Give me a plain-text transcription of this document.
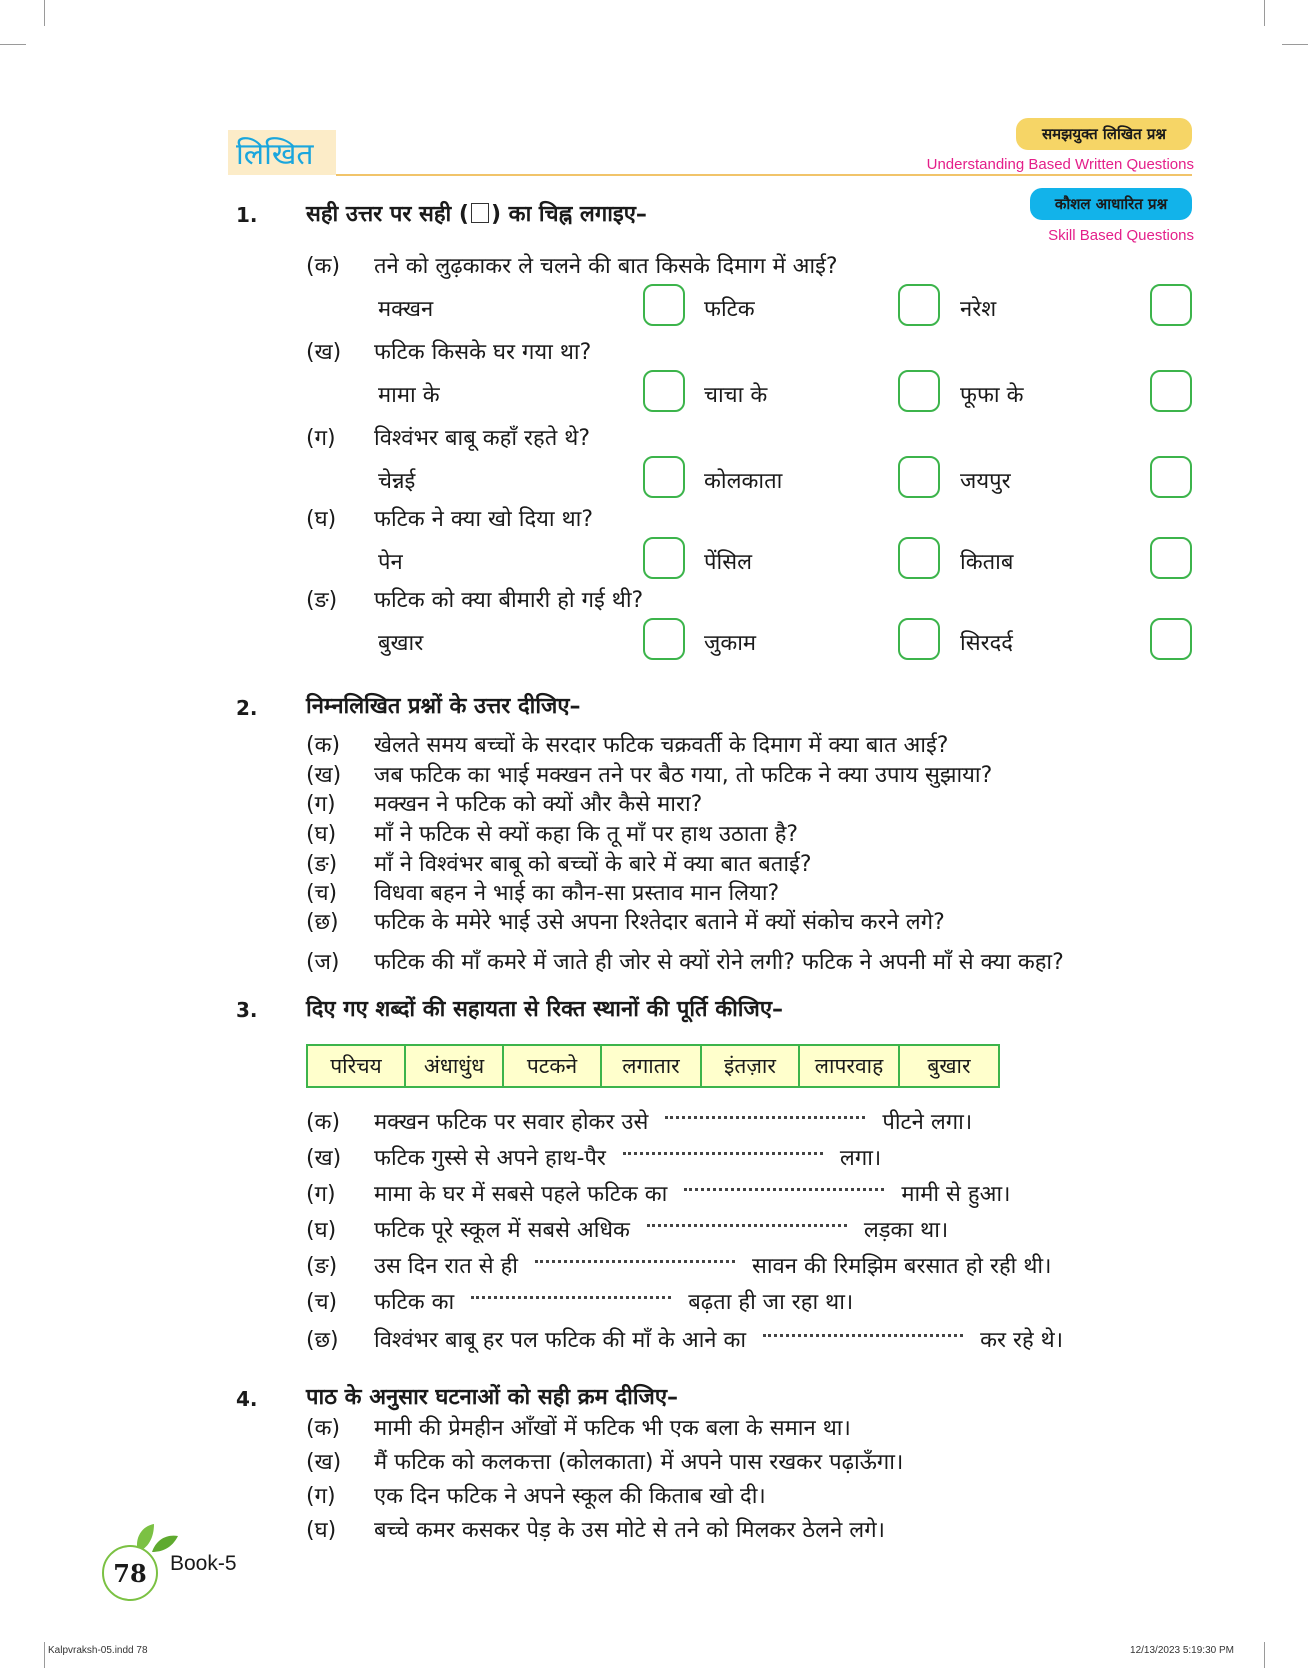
लिखित
समझयुक्त लिखित प्रश्न
Understanding Based Written Questions
कौशल आधारित प्रश्न
Skill Based Questions
1. सही उत्तर पर सही ( ) का चिह्न लगाइए–
(क) तने को लुढ़काकर ले चलने की बात किसके दिमाग में आई?
मक्खन	फटिक	नरेश
(ख) फटिक किसके घर गया था?
मामा के	चाचा के	फूफा के
(ग) विश्वंभर बाबू कहाँ रहते थे?
चेन्नई	कोलकाता	जयपुर
(घ) फटिक ने क्या खो दिया था?
पेन	पेंसिल	किताब
(ङ) फटिक को क्या बीमारी हो गई थी?
बुखार	जुकाम	सिरदर्द
2. निम्नलिखित प्रश्नों के उत्तर दीजिए–
(क) खेलते समय बच्चों के सरदार फटिक चक्रवर्ती के दिमाग में क्या बात आई?
(ख) जब फटिक का भाई मक्खन तने पर बैठ गया, तो फटिक ने क्या उपाय सुझाया?
(ग) मक्खन ने फटिक को क्यों और कैसे मारा?
(घ) माँ ने फटिक से क्यों कहा कि तू माँ पर हाथ उठाता है?
(ङ) माँ ने विश्वंभर बाबू को बच्चों के बारे में क्या बात बताई?
(च) विधवा बहन ने भाई का कौन-सा प्रस्ताव मान लिया?
(छ) फटिक के ममेरे भाई उसे अपना रिश्तेदार बताने में क्यों संकोच करने लगे?
(ज) फटिक की माँ कमरे में जाते ही जोर से क्यों रोने लगी? फटिक ने अपनी माँ से क्या कहा?
3. दिए गए शब्दों की सहायता से रिक्त स्थानों की पूर्ति कीजिए–
परिचय	अंधाधुंध	पटकने	लगातार	इंतज़ार	लापरवाह	बुखार
(क) मक्खन फटिक पर सवार होकर उसे	पीटने लगा।
(ख) फटिक गुस्से से अपने हाथ-पैर	लगा।
(ग) मामा के घर में सबसे पहले फटिक का	मामी से हुआ।
(घ) फटिक पूरे स्कूल में सबसे अधिक	लड़का था।
(ङ) उस दिन रात से ही	सावन की रिमझिम बरसात हो रही थी।
(च) फटिक का	बढ़ता ही जा रहा था।
(छ) विश्वंभर बाबू हर पल फटिक की माँ के आने का	कर रहे थे।
4. पाठ के अनुसार घटनाओं को सही क्रम दीजिए–
(क) मामी की प्रेमहीन आँखों में फटिक भी एक बला के समान था।
(ख) मैं फटिक को कलकत्ता (कोलकाता) में अपने पास रखकर पढ़ाऊँगा।
(ग) एक दिन फटिक ने अपने स्कूल की किताब खो दी।
(घ) बच्चे कमर कसकर पेड़ के उस मोटे से तने को मिलकर ठेलने लगे।
78	Book-5
Kalpvraksh-05.indd 78	12/13/2023 5:19:30 PM
